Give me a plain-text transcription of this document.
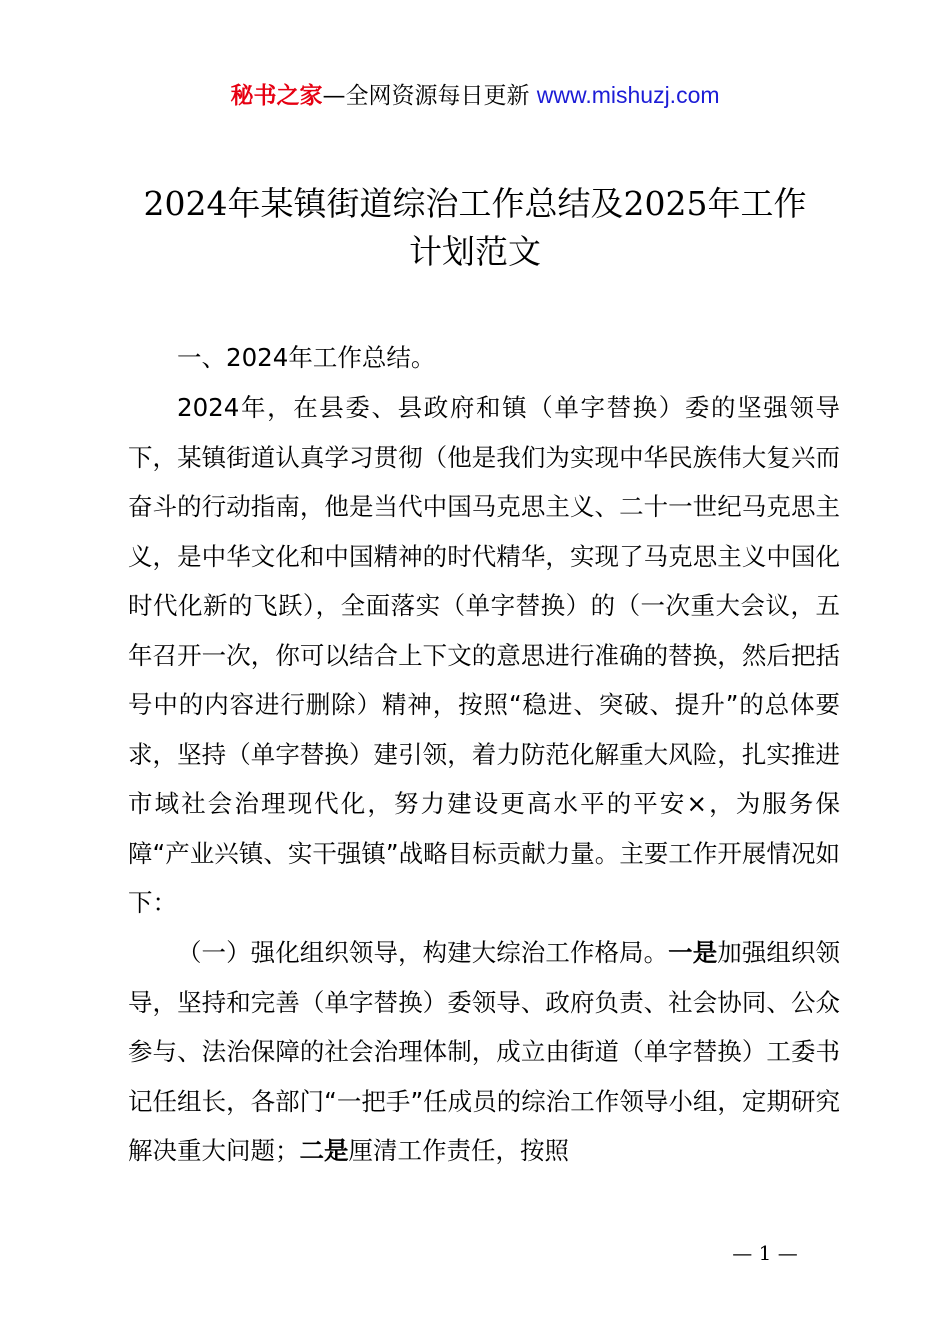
秘书之家—全网资源每日更新 www.mishuzj.com
2024年某镇街道综治工作总结及2025年工作
计划范文

一、2024年工作总结。

2024年，在县委、县政府和镇（单字替换）委的坚强领导下，某镇街道认真学习贯彻（他是我们为实现中华民族伟大复兴而奋斗的行动指南，他是当代中国马克思主义、二十一世纪马克思主义，是中华文化和中国精神的时代精华，实现了马克思主义中国化时代化新的飞跃），全面落实（单字替换）的（一次重大会议，五年召开一次，你可以结合上下文的意思进行准确的替换，然后把括号中的内容进行删除）精神，按照“稳进、突破、提升”的总体要求，坚持（单字替换）建引领，着力防范化解重大风险，扎实推进市域社会治理现代化，努力建设更高水平的平安×，为服务保障“产业兴镇、实干强镇”战略目标贡献力量。主要工作开展情况如下：

（一）强化组织领导，构建大综治工作格局。一是加强组织领导，坚持和完善（单字替换）委领导、政府负责、社会协同、公众参与、法治保障的社会治理体制，成立由街道（单字替换）工委书记任组长，各部门“一把手”任成员的综治工作领导小组，定期研究解决重大问题；二是厘清工作责任，按照

— 1 —
